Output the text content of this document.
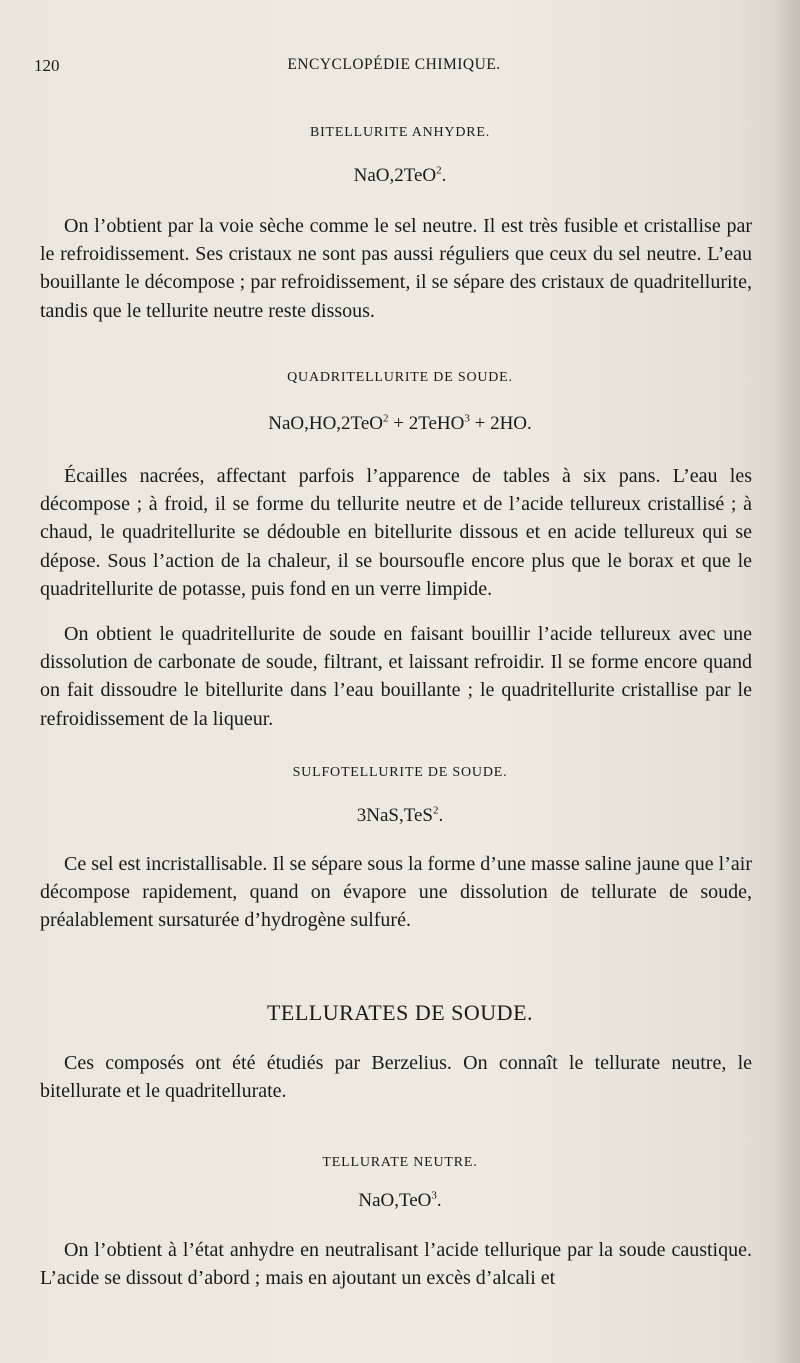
120	ENCYCLOPÉDIE CHIMIQUE.
BITELLURITE ANHYDRE.
NaO,2TeO$^2$.

On l’obtient par la voie sèche comme le sel neutre. Il est très fusible et cristallise par le refroidissement. Ses cristaux ne sont pas aussi réguliers que ceux du sel neutre. L’eau bouillante le décompose ; par refroidissement, il se sépare des cristaux de quadritellurite, tandis que le tellurite neutre reste dissous.

QUADRITELLURITE DE SOUDE.
NaO,HO,2TeO$^2$ + 2TeHO$^3$ + 2HO.

Écailles nacrées, affectant parfois l’apparence de tables à six pans. L’eau les décompose ; à froid, il se forme du tellurite neutre et de l’acide tellureux cristallisé ; à chaud, le quadritellurite se dédouble en bitellurite dissous et en acide tellureux qui se dépose. Sous l’action de la chaleur, il se boursoufle encore plus que le borax et que le quadritellurite de potasse, puis fond en un verre limpide.

On obtient le quadritellurite de soude en faisant bouillir l’acide tellureux avec une dissolution de carbonate de soude, filtrant, et laissant refroidir. Il se forme encore quand on fait dissoudre le bitellurite dans l’eau bouillante ; le quadritellurite cristallise par le refroidissement de la liqueur.

SULFOTELLURITE DE SOUDE.
3NaS,TeS$^2$.

Ce sel est incristallisable. Il se sépare sous la forme d’une masse saline jaune que l’air décompose rapidement, quand on évapore une dissolution de tellurate de soude, préalablement sursaturée d’hydrogène sulfuré.

TELLURATES DE SOUDE.

Ces composés ont été étudiés par Berzelius. On connaît le tellurate neutre, le bitellurate et le quadritellurate.

TELLURATE NEUTRE.
NaO,TeO$^3$.

On l’obtient à l’état anhydre en neutralisant l’acide tellurique par la soude caustique. L’acide se dissout d’abord ; mais en ajoutant un excès d’alcali et
